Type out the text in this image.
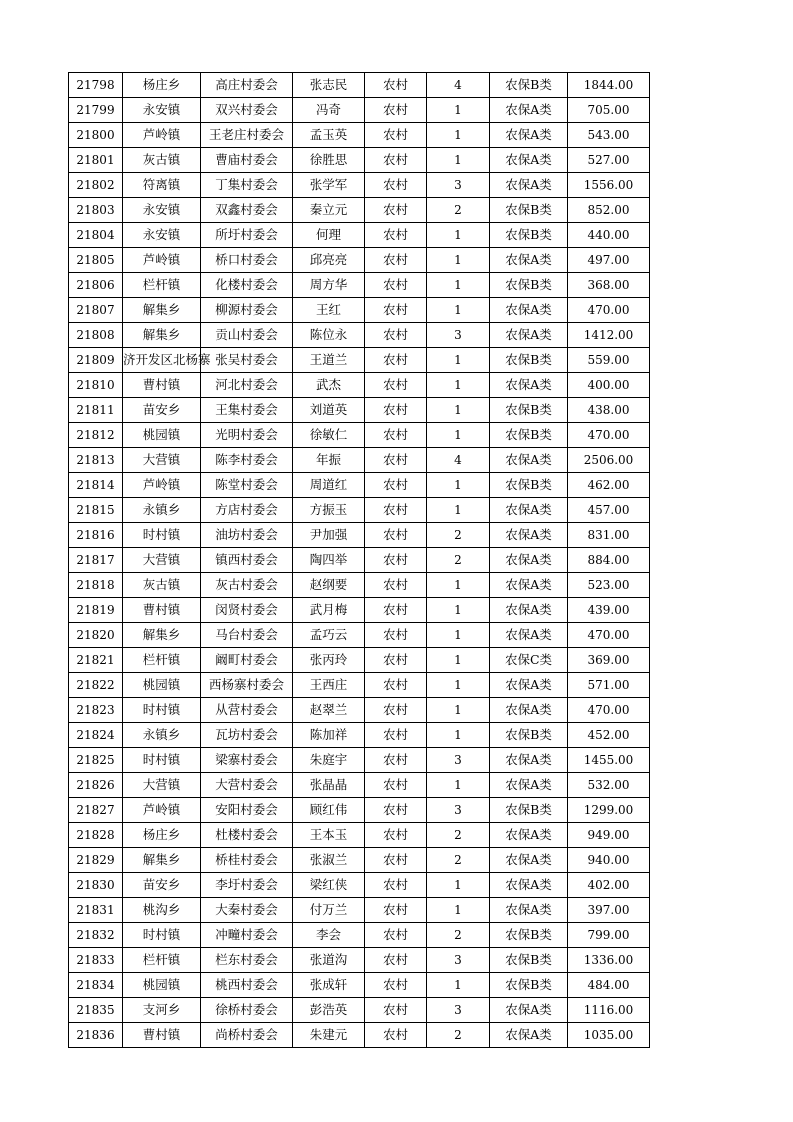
21798	杨庄乡	高庄村委会	张志民	农村	4	农保B类	1844.00
21799	永安镇	双兴村委会	冯奇	农村	1	农保A类	705.00
21800	芦岭镇	王老庄村委会	孟玉英	农村	1	农保A类	543.00
21801	灰古镇	曹庙村委会	徐胜思	农村	1	农保A类	527.00
21802	符离镇	丁集村委会	张学军	农村	3	农保A类	1556.00
21803	永安镇	双鑫村委会	秦立元	农村	2	农保B类	852.00
21804	永安镇	所圩村委会	何理	农村	1	农保B类	440.00
21805	芦岭镇	桥口村委会	邱亮亮	农村	1	农保A类	497.00
21806	栏杆镇	化楼村委会	周方华	农村	1	农保B类	368.00
21807	解集乡	柳源村委会	王红	农村	1	农保A类	470.00
21808	解集乡	贡山村委会	陈位永	农村	3	农保A类	1412.00
21809	济开发区北杨寨	张吴村委会	王道兰	农村	1	农保B类	559.00
21810	曹村镇	河北村委会	武杰	农村	1	农保A类	400.00
21811	苗安乡	王集村委会	刘道英	农村	1	农保B类	438.00
21812	桃园镇	光明村委会	徐敏仁	农村	1	农保B类	470.00
21813	大营镇	陈李村委会	年振	农村	4	农保A类	2506.00
21814	芦岭镇	陈堂村委会	周道红	农村	1	农保B类	462.00
21815	永镇乡	方店村委会	方振玉	农村	1	农保A类	457.00
21816	时村镇	油坊村委会	尹加强	农村	2	农保A类	831.00
21817	大营镇	镇西村委会	陶四举	农村	2	农保A类	884.00
21818	灰古镇	灰古村委会	赵纲要	农村	1	农保A类	523.00
21819	曹村镇	闵贤村委会	武月梅	农村	1	农保A类	439.00
21820	解集乡	马台村委会	孟巧云	农村	1	农保A类	470.00
21821	栏杆镇	阚町村委会	张丙玲	农村	1	农保C类	369.00
21822	桃园镇	西杨寨村委会	王西庄	农村	1	农保A类	571.00
21823	时村镇	从营村委会	赵翠兰	农村	1	农保A类	470.00
21824	永镇乡	瓦坊村委会	陈加祥	农村	1	农保B类	452.00
21825	时村镇	梁寨村委会	朱庭宇	农村	3	农保A类	1455.00
21826	大营镇	大营村委会	张晶晶	农村	1	农保A类	532.00
21827	芦岭镇	安阳村委会	顾红伟	农村	3	农保B类	1299.00
21828	杨庄乡	杜楼村委会	王本玉	农村	2	农保A类	949.00
21829	解集乡	桥桂村委会	张淑兰	农村	2	农保A类	940.00
21830	苗安乡	李圩村委会	梁红侠	农村	1	农保A类	402.00
21831	桃沟乡	大秦村委会	付万兰	农村	1	农保A类	397.00
21832	时村镇	冲疃村委会	李会	农村	2	农保B类	799.00
21833	栏杆镇	栏东村委会	张道沟	农村	3	农保B类	1336.00
21834	桃园镇	桃西村委会	张成轩	农村	1	农保B类	484.00
21835	支河乡	徐桥村委会	彭浩英	农村	3	农保A类	1116.00
21836	曹村镇	尚桥村委会	朱建元	农村	2	农保A类	1035.00
